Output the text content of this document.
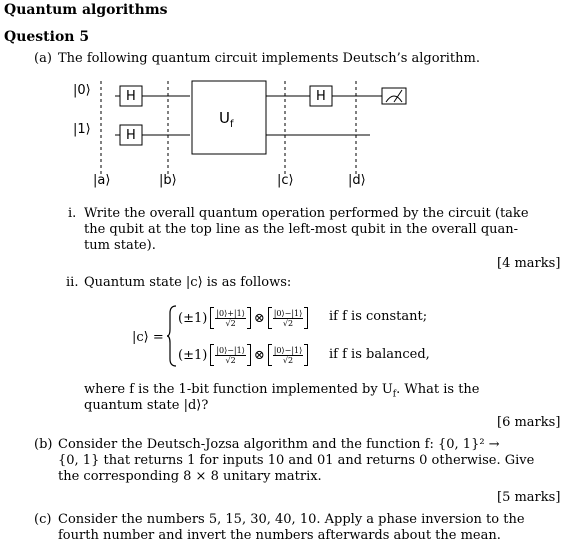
Quantum algorithms
Question 5
(a) The following quantum circuit implements Deutsch’s algorithm.
|0⟩
|1⟩
H
H
H
$U_f$
|a⟩	|b⟩	|c⟩	|d⟩
i. Write the overall quantum operation performed by the circuit (take
the qubit at the top line as the left-most qubit in the overall quan-
tum state).
[4 marks]
ii. Quantum state |c⟩ is as follows:
|c⟩ =
$(\pm 1) \frac{|0⟩+|1⟩}{√2}$ ⊗ $\frac{|0⟩-|1⟩}{√2}$ if f is constant;
$(\pm 1) \frac{|0⟩-|1⟩}{√2}$ ⊗ $\frac{|0⟩-|1⟩}{√2}$ if f is balanced,
where f is the 1-bit function implemented by $U_f$. What is the
quantum state |d⟩?
[6 marks]
(b) Consider the Deutsch-Jozsa algorithm and the function f: {0, 1}² →
{0, 1} that returns 1 for inputs 10 and 01 and returns 0 otherwise. Give
the corresponding 8 × 8 unitary matrix.
[5 marks]
(c) Consider the numbers 5, 15, 30, 40, 10. Apply a phase inversion to the
fourth number and invert the numbers afterwards about the mean.
